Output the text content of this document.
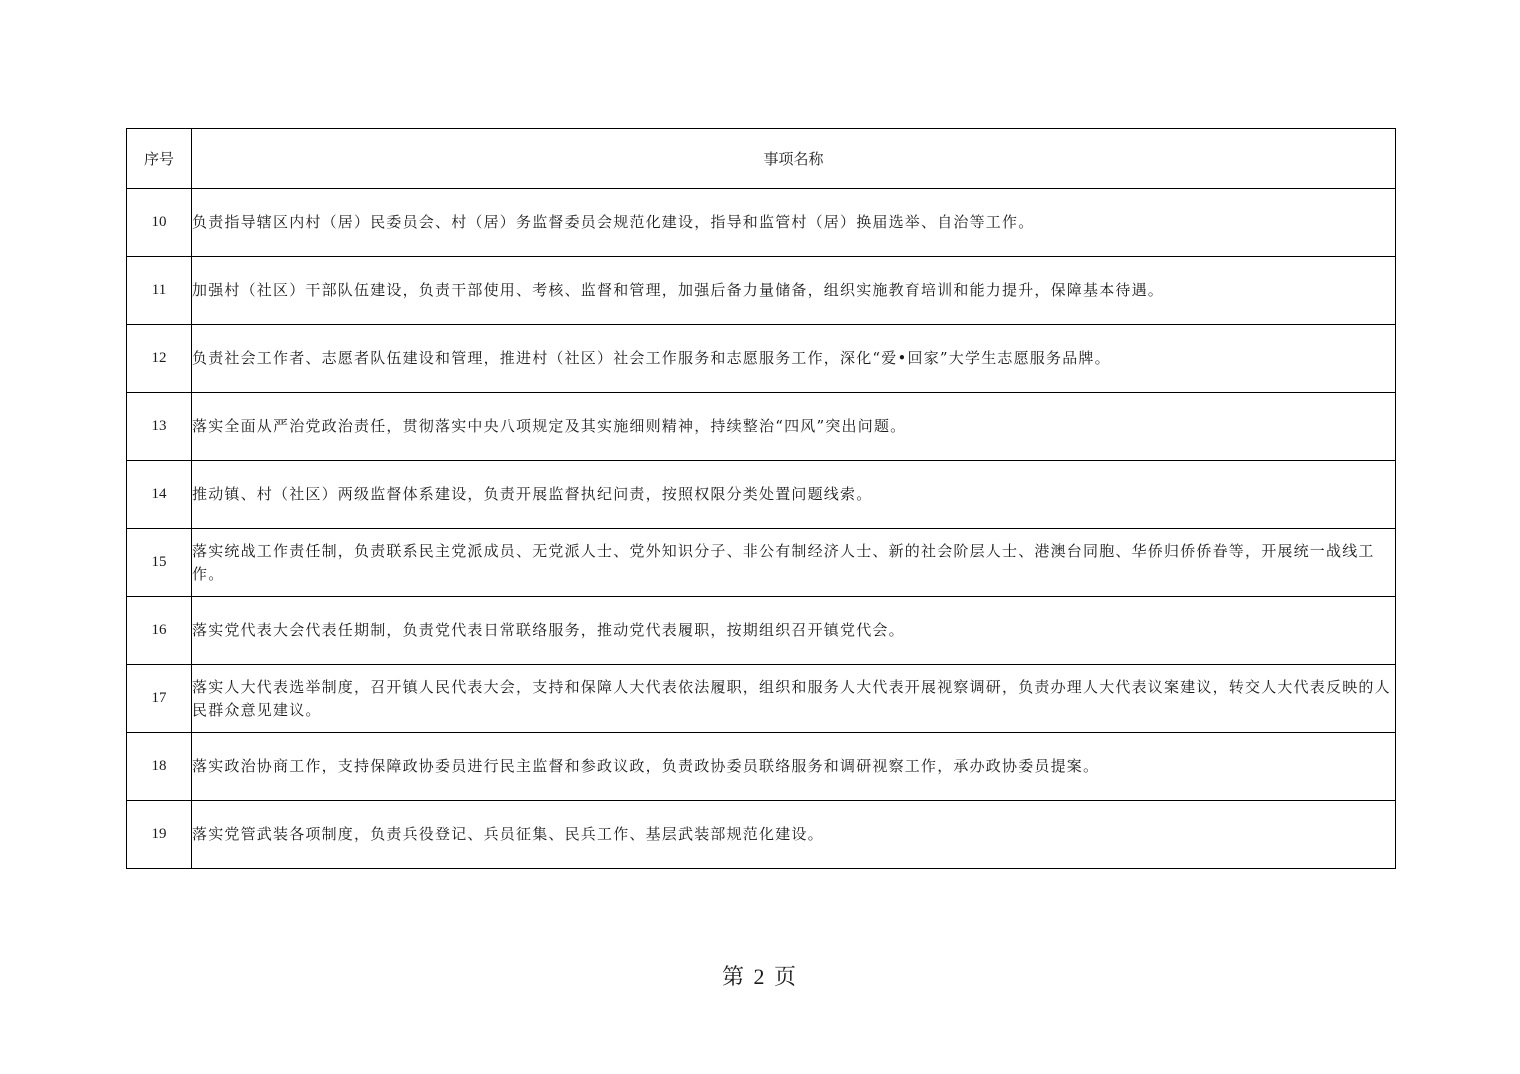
序号	事项名称
10	负责指导辖区内村（居）民委员会、村（居）务监督委员会规范化建设，指导和监管村（居）换届选举、自治等工作。
11	加强村（社区）干部队伍建设，负责干部使用、考核、监督和管理，加强后备力量储备，组织实施教育培训和能力提升，保障基本待遇。
12	负责社会工作者、志愿者队伍建设和管理，推进村（社区）社会工作服务和志愿服务工作，深化“爱•回家”大学生志愿服务品牌。
13	落实全面从严治党政治责任，贯彻落实中央八项规定及其实施细则精神，持续整治“四风”突出问题。
14	推动镇、村（社区）两级监督体系建设，负责开展监督执纪问责，按照权限分类处置问题线索。
15	落实统战工作责任制，负责联系民主党派成员、无党派人士、党外知识分子、非公有制经济人士、新的社会阶层人士、港澳台同胞、华侨归侨侨眷等，开展统一战线工作。
16	落实党代表大会代表任期制，负责党代表日常联络服务，推动党代表履职，按期组织召开镇党代会。
17	落实人大代表选举制度，召开镇人民代表大会，支持和保障人大代表依法履职，组织和服务人大代表开展视察调研，负责办理人大代表议案建议，转交人大代表反映的人民群众意见建议。
18	落实政治协商工作，支持保障政协委员进行民主监督和参政议政，负责政协委员联络服务和调研视察工作，承办政协委员提案。
19	落实党管武装各项制度，负责兵役登记、兵员征集、民兵工作、基层武装部规范化建设。
第 2 页
